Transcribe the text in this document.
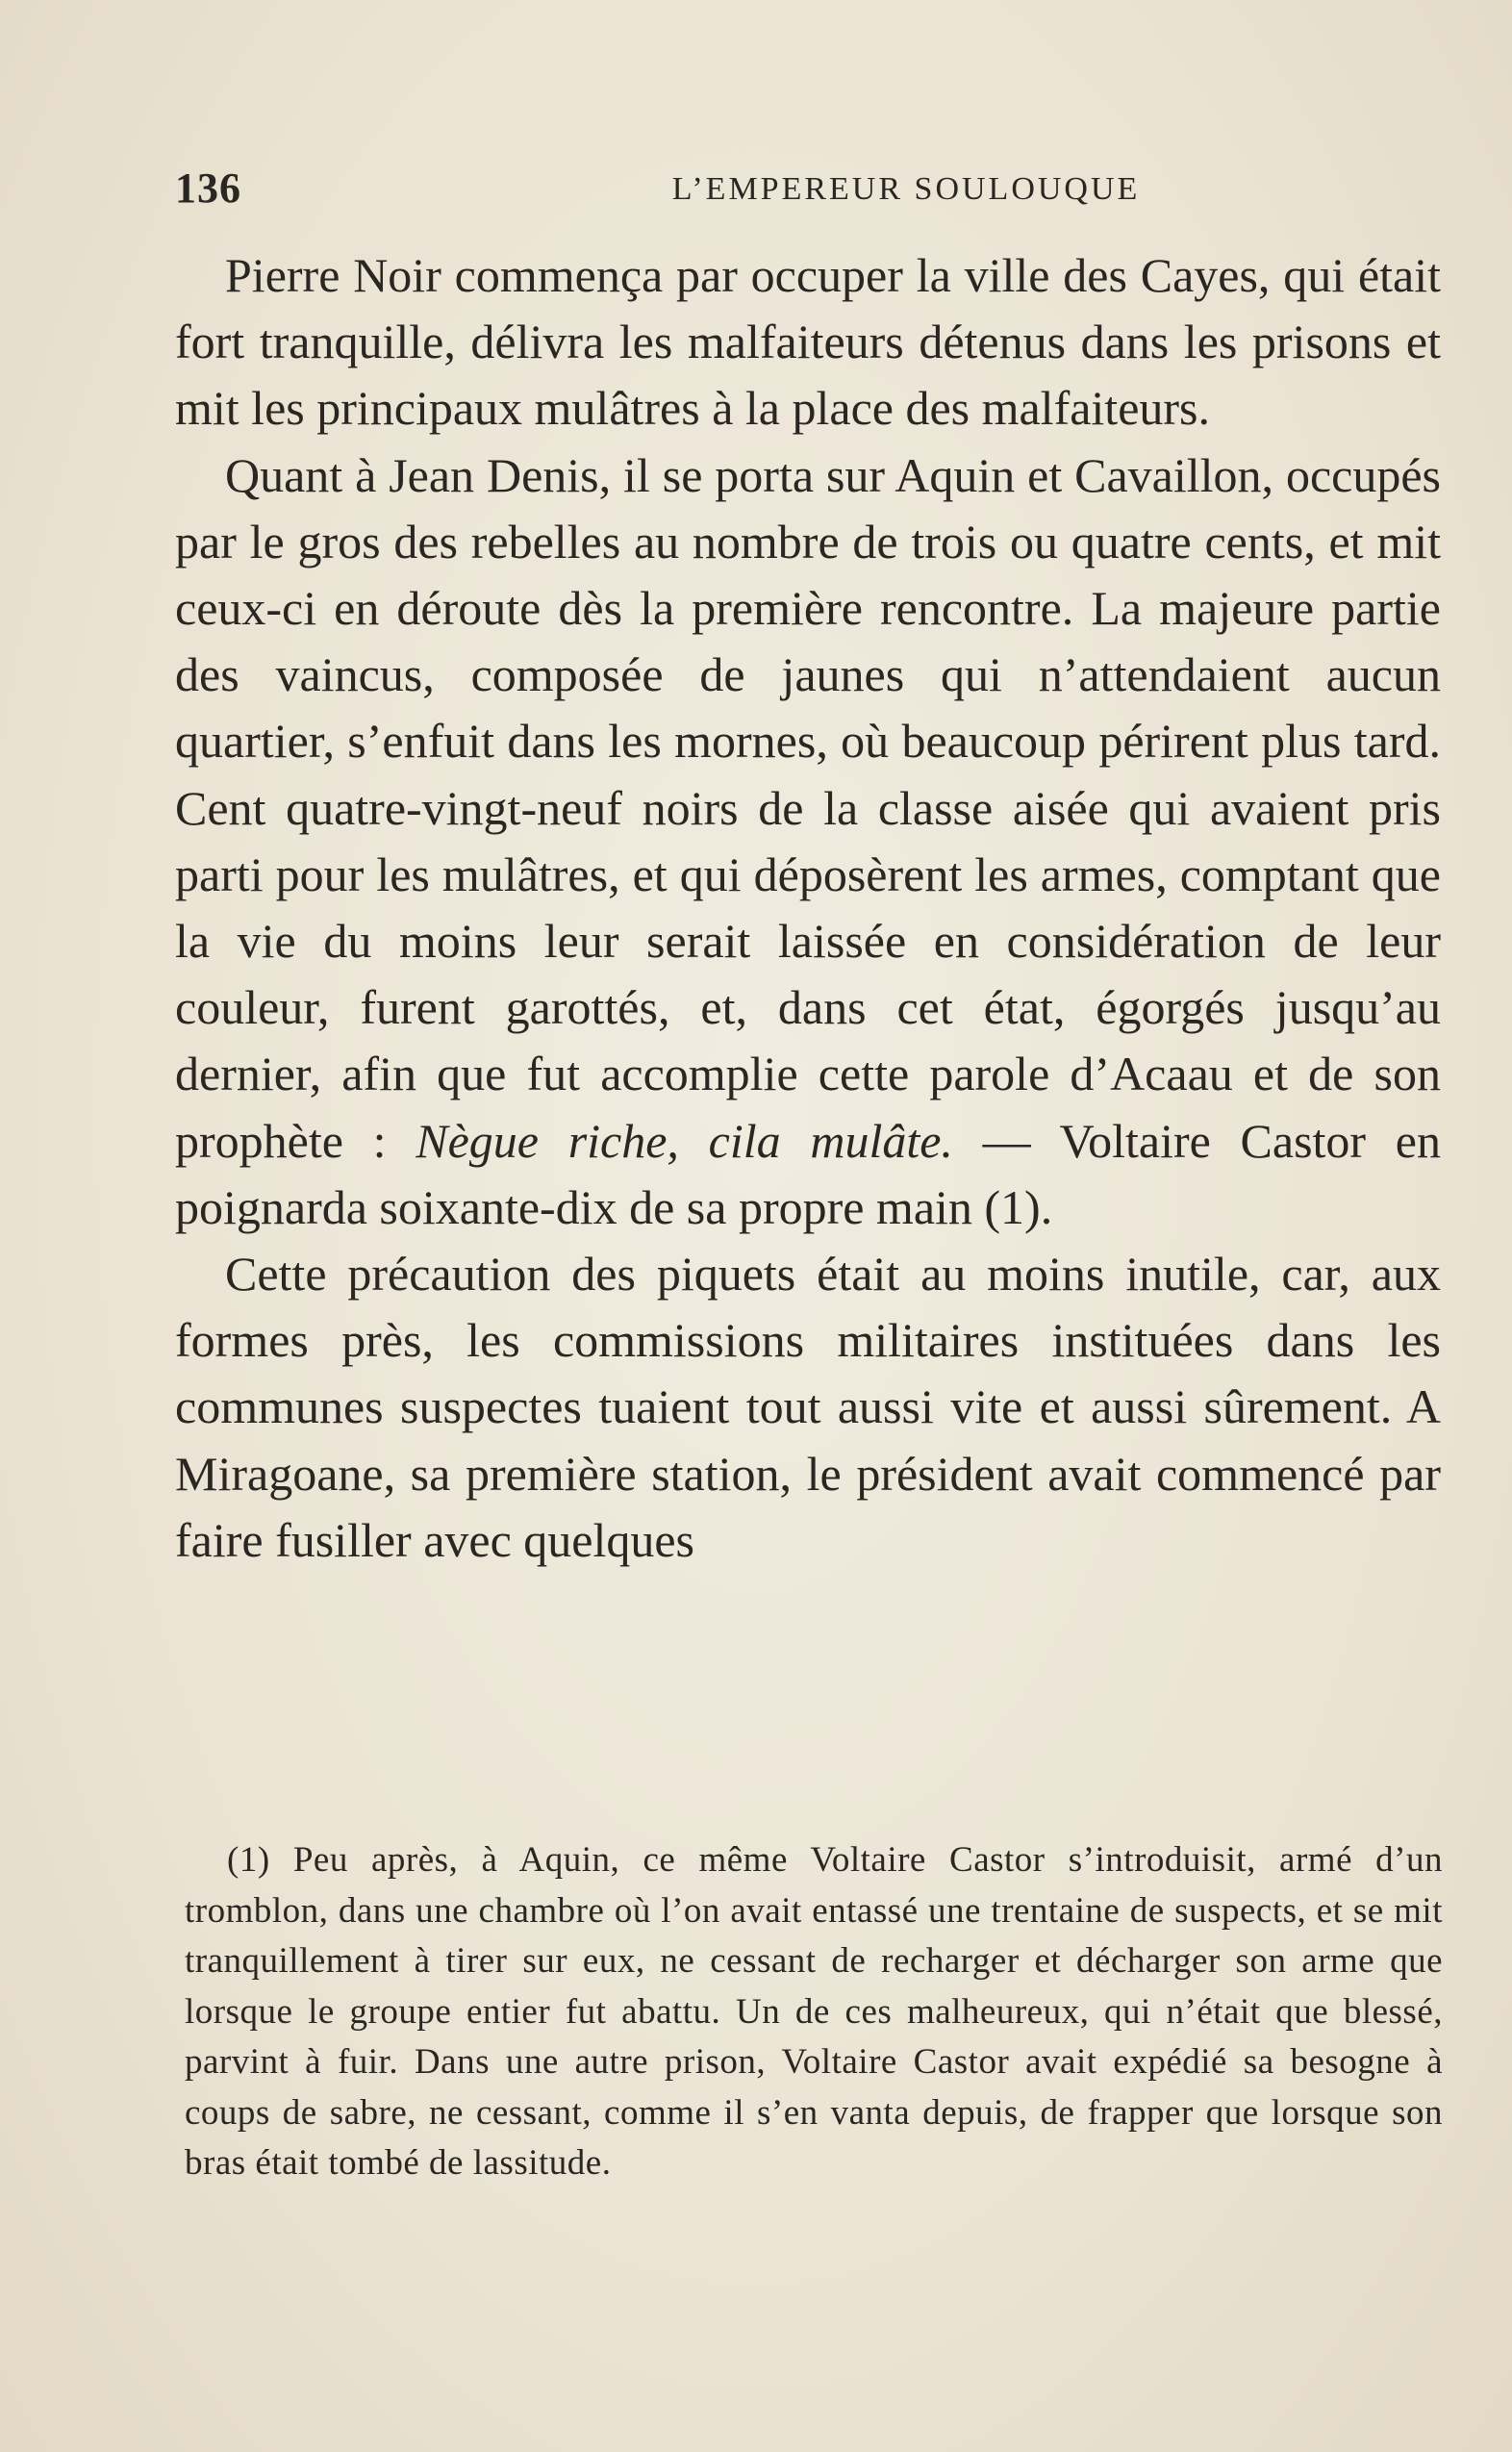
136	L’EMPEREUR SOULOUQUE

Pierre Noir commença par occuper la ville des Cayes, qui était fort tranquille, délivra les malfaiteurs détenus dans les prisons et mit les principaux mulâtres à la place des malfaiteurs.

Quant à Jean Denis, il se porta sur Aquin et Cavaillon, occupés par le gros des rebelles au nombre de trois ou quatre cents, et mit ceux-ci en déroute dès la première rencontre. La majeure partie des vaincus, composée de jaunes qui n’attendaient aucun quartier, s’enfuit dans les mornes, où beaucoup périrent plus tard. Cent quatre-vingt-neuf noirs de la classe aisée qui avaient pris parti pour les mulâtres, et qui déposèrent les armes, comptant que la vie du moins leur serait laissée en considération de leur couleur, furent garottés, et, dans cet état, égorgés jusqu’au dernier, afin que fut accomplie cette parole d’Acaau et de son prophète : Nègue riche, cila mulâte. — Voltaire Castor en poignarda soixante-dix de sa propre main (1).

Cette précaution des piquets était au moins inutile, car, aux formes près, les commissions militaires instituées dans les communes suspectes tuaient tout aussi vite et aussi sûrement. A Miragoane, sa première station, le président avait commencé par faire fusiller avec quelques

(1) Peu après, à Aquin, ce même Voltaire Castor s’introduisit, armé d’un tromblon, dans une chambre où l’on avait entassé une trentaine de suspects, et se mit tranquillement à tirer sur eux, ne cessant de recharger et décharger son arme que lorsque le groupe entier fut abattu. Un de ces malheureux, qui n’était que blessé, parvint à fuir. Dans une autre prison, Voltaire Castor avait expédié sa besogne à coups de sabre, ne cessant, comme il s’en vanta depuis, de frapper que lorsque son bras était tombé de lassitude.
